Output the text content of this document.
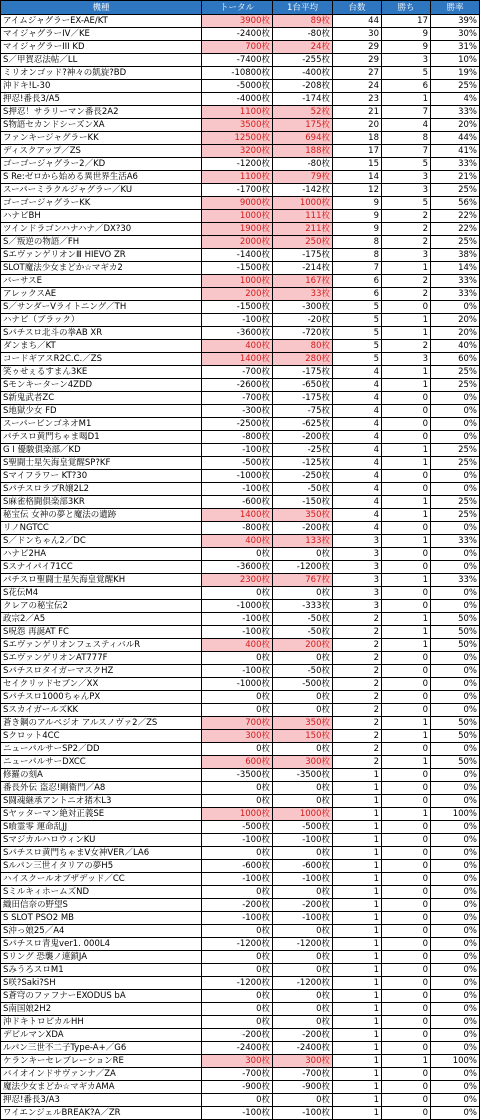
機種	トータル	1台平均	台数	勝ち	勝率
アイムジャグラーEX-AE/KT	3900枚	89枚	44	17	39%
マイジャグラーIV／KE	-2400枚	-80枚	30	9	30%
マイジャグラーIII KD	700枚	24枚	29	9	31%
S／甲賀忍法帖／LL	-7400枚	-255枚	29	3	10%
ミリオンゴッド?神々の凱旋?BD	-10800枚	-400枚	27	5	19%
沖ドキ!L-30	-5000枚	-208枚	24	6	25%
押忍!番長3/A5	-4000枚	-174枚	23	1	4%
S押忍！サラリーマン番長2A2	1100枚	52枚	21	7	33%
S物語セカンドシーズンXA	3500枚	175枚	20	4	20%
ファンキージャグラーKK	12500枚	694枚	18	8	44%
ディスクアップ／ZS	3200枚	188枚	17	7	41%
ゴーゴージャグラー2／KD	-1200枚	-80枚	15	5	33%
S Re:ゼロから始める異世界生活A6	1100枚	79枚	14	3	21%
スーパーミラクルジャグラー／KU	-1700枚	-142枚	12	3	25%
ゴーゴージャグラーKK	9000枚	1000枚	9	5	56%
ハナビBH	1000枚	111枚	9	2	22%
ツインドラゴンハナハナ／DX?30	1900枚	211枚	9	2	22%
S／叛逆の物語／FH	2000枚	250枚	8	2	25%
SエヴァンゲリオンⅢ HIEVO ZR	-1400枚	-175枚	8	3	38%
SLOT魔法少女まどか☆マギカ2	-1500枚	-214枚	7	1	14%
バーサスE	1000枚	167枚	6	2	33%
アレックスAE	200枚	33枚	6	2	33%
S／サンダーVライトニング／TH	-1500枚	-300枚	5	0	0%
ハナビ（ブラック）	-100枚	-20枚	5	1	20%
Sパチスロ北斗の拳AB XR	-3600枚	-720枚	5	1	20%
ダンまち／KT	400枚	80枚	5	2	40%
コードギアスR2C.C.／ZS	1400枚	280枚	5	3	60%
笑ゥせぇるすまん3KE	-700枚	-175枚	4	1	25%
Sモンキーターン4ZDD	-2600枚	-650枚	4	1	25%
S新鬼武者ZC	-700枚	-175枚	4	0	0%
S地獄少女 FD	-300枚	-75枚	4	0	0%
スーパービンゴネオM1	-2500枚	-625枚	4	0	0%
パチスロ黄門ちゃま喝D1	-800枚	-200枚	4	0	0%
G I 優駿倶楽部／KD	-100枚	-25枚	4	1	25%
S聖闘士星矢海皇覚醒SP?KF	-500枚	-125枚	4	1	25%
Sマイフラワー KT?30	-1000枚	-250枚	4	0	0%
SパチスロラブR嬢2L2	-100枚	-50枚	4	0	0%
S麻雀格闘倶楽部3KR	-600枚	-150枚	4	1	25%
秘宝伝 女神の夢と魔法の遺跡	1400枚	350枚	4	1	25%
リノNGTCC	-800枚	-200枚	4	0	0%
S／ドンちゃん2／DC	400枚	133枚	3	1	33%
ハナビ2HA	0枚	0枚	3	0	0%
Sスナイパイ71CC	-3600枚	-1200枚	3	0	0%
パチスロ聖闘士星矢海皇覚醒KH	2300枚	767枚	3	1	33%
S花伝M4	0枚	0枚	3	0	0%
クレアの秘宝伝2	-1000枚	-333枚	3	0	0%
政宗2／A5	-100枚	-50枚	2	1	50%
S呪怨 再誕AT FC	-100枚	-50枚	2	1	50%
SエヴァンゲリオンフェスティバルR	400枚	200枚	2	1	50%
SエヴァンゲリオンAT777F	0枚	0枚	2	0	0%
SパチスロタイガーマスクHZ	-100枚	-50枚	2	0	0%
セイクリッドセブン／XX	-1000枚	-500枚	2	0	0%
Sパチスロ1000ちゃんPX	0枚	0枚	2	0	0%
SスカイガールズKK	0枚	0枚	2	0	0%
蒼き鋼のアルペジオ アルスノヴァ2／ZS	700枚	350枚	2	1	50%
Sクロット4CC	300枚	150枚	2	1	50%
ニューパルサーSP2／DD	0枚	0枚	2	0	0%
ニューパルサーDXCC	600枚	300枚	2	1	50%
修羅の刻A	-3500枚	-3500枚	1	0	0%
番長外伝 盗忍!剛衛門／A8	0枚	0枚	1	0	0%
S闘魂継承アントニオ猪木L3	0枚	0枚	1	0	0%
Sヤッターマン絶対正義SE	1000枚	1000枚	1	1	100%
S喰霊零 運命乱JJ	-500枚	-500枚	1	0	0%
SマジカルハロウィンKU	-100枚	-100枚	1	0	0%
Sパチスロ黄門ちゃまV女神VER／LA6	0枚	0枚	1	0	0%
Sルパン三世イタリアの夢H5	-600枚	-600枚	1	0	0%
ハイスクールオブザデッド／CC	-100枚	-100枚	1	0	0%
SミルキィホームズND	0枚	0枚	1	0	0%
織田信奈の野望S	-200枚	-200枚	1	0	0%
S SLOT PSO2 MB	-100枚	-100枚	1	0	0%
S沖っ娘25／A4	0枚	0枚	1	0	0%
Sパチスロ青鬼ver1. 000L4	-1200枚	-1200枚	1	0	0%
Sリング 恐襲ノ連鎖JA	0枚	0枚	1	0	0%
SみうろスロM1	0枚	0枚	1	0	0%
S咲?Saki?SH	-1200枚	-1200枚	1	0	0%
S蒼穹のファフナーEXODUS bA	0枚	0枚	1	0	0%
S南国娘2H2	0枚	0枚	1	0	0%
沖ドキトロピカルHH	0枚	0枚	1	0	0%
デビルマンXDA	-200枚	-200枚	1	0	0%
ルパン三世不二子Type-A+／G6	-2400枚	-2400枚	1	0	0%
ケランキーセレブレーションRE	300枚	300枚	1	1	100%
バイオインドサヴァンナ／ZA	-700枚	-700枚	1	0	0%
魔法少女まどか☆マギカAMA	-900枚	-900枚	1	0	0%
押忍!番長3/A3	0枚	0枚	1	0	0%
ワイエンジェルBREAK?A／ZR	-100枚	-100枚	1	0	0%
